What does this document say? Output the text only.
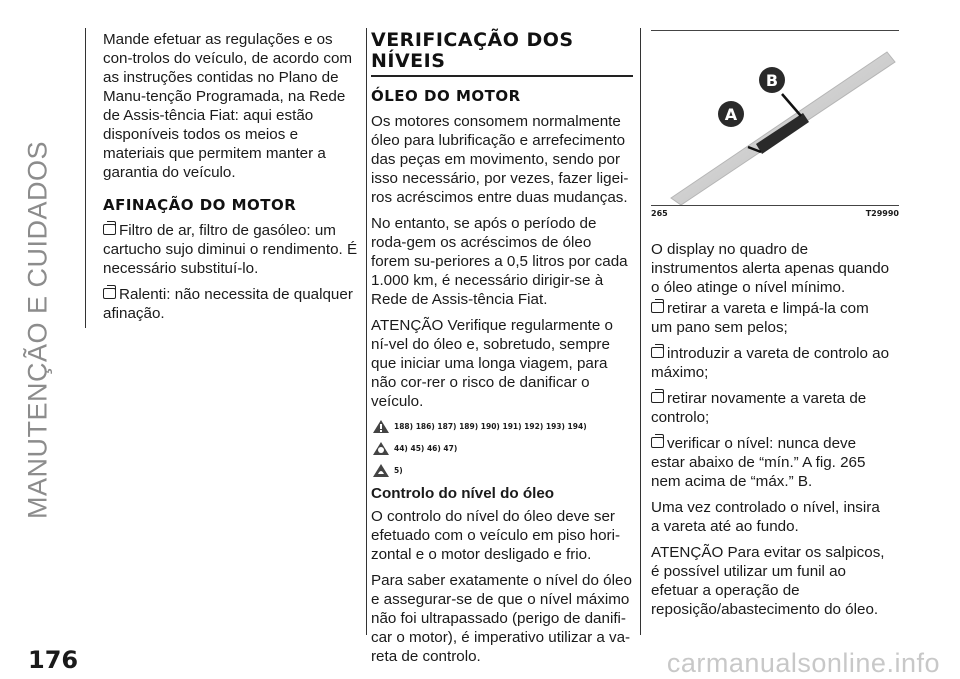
MANUTENÇÃO E CUIDADOS
176	carmanualsonline.info

Mande efetuar as regulações e os con-trolos do veículo, de acordo com as instruções contidas no Plano de Manu-tenção Programada, na Rede de Assis-tência Fiat: aqui estão disponíveis todos os meios e materiais que permitem manter a garantia do veículo.

AFINAÇÃO DO MOTOR

Filtro de ar, filtro de gasóleo: um cartucho sujo diminui o rendimento. É necessário substituí-lo.

Ralenti: não necessita de qualquer afinação.

VERIFICAÇÃO DOS
NÍVEIS
ÓLEO DO MOTOR

Os motores consomem normalmente óleo para lubrificação e arrefecimento das peças em movimento, sendo por isso necessário, por vezes, fazer ligei-ros acréscimos entre duas mudanças.

No entanto, se após o período de roda-gem os acréscimos de óleo forem su-periores a 0,5 litros por cada 1.000 km, é necessário dirigir-se à Rede de Assis-tência Fiat.

ATENÇÃO Verifique regularmente o ní-vel do óleo e, sobretudo, sempre que iniciar uma longa viagem, para não cor-rer o risco de danificar o veículo.

188) 186) 187) 189) 190) 191) 192) 193) 194)
44) 45) 46) 47)
5)
Controlo do nível do óleo

O controlo do nível do óleo deve ser efetuado com o veículo em piso hori-zontal e o motor desligado e frio.

Para saber exatamente o nível do óleo e assegurar-se de que o nível máximo não foi ultrapassado (perigo de danifi-car o motor), é imperativo utilizar a va-reta de controlo.

A
B
265	T29990

O display no quadro de instrumentos alerta apenas quando o óleo atinge o nível mínimo.

retirar a vareta e limpá-la com um pano sem pelos;

introduzir a vareta de controlo ao máximo;

retirar novamente a vareta de controlo;

verificar o nível: nunca deve estar abaixo de “mín.” A fig. 265 nem acima de “máx.” B.

Uma vez controlado o nível, insira a vareta até ao fundo.

ATENÇÃO Para evitar os salpicos, é possível utilizar um funil ao efetuar a operação de reposição/abastecimento do óleo.
